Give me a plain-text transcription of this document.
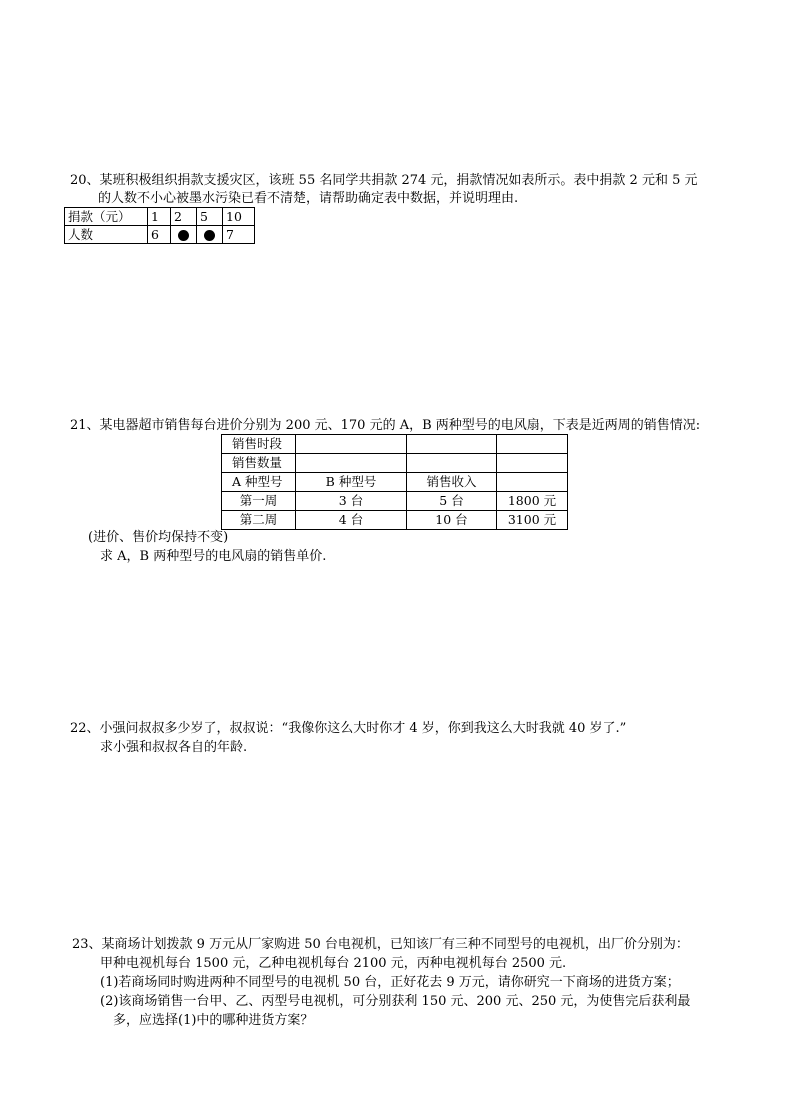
20、某班积极组织捐款支援灾区，该班 55 名同学共捐款 274 元，捐款情况如表所示。表中捐款 2 元和 5 元
的人数不小心被墨水污染已看不清楚，请帮助确定表中数据，并说明理由.
捐款（元）	1	2	5	10
人数	6			7
21、某电器超市销售每台进价分别为 200 元、170 元的 A，B 两种型号的电风扇，下表是近两周的销售情况:
销售时段			
销售数量			
A 种型号	B 种型号	销售收入	
第一周	3 台	5 台	1800 元
第二周	4 台	10 台	3100 元
(进价、售价均保持不变)
求 A，B 两种型号的电风扇的销售单价.
22、小强问叔叔多少岁了，叔叔说：“我像你这么大时你才 4 岁，你到我这么大时我就 40 岁了.”
求小强和叔叔各自的年龄.
23、某商场计划拨款 9 万元从厂家购进 50 台电视机，已知该厂有三种不同型号的电视机，出厂价分别为：
甲种电视机每台 1500 元，乙种电视机每台 2100 元，丙种电视机每台 2500 元.
(1)若商场同时购进两种不同型号的电视机 50 台，正好花去 9 万元，请你研究一下商场的进货方案；
(2)该商场销售一台甲、乙、丙型号电视机，可分别获利 150 元、200 元、250 元，为使售完后获利最
多，应选择(1)中的哪种进货方案？
